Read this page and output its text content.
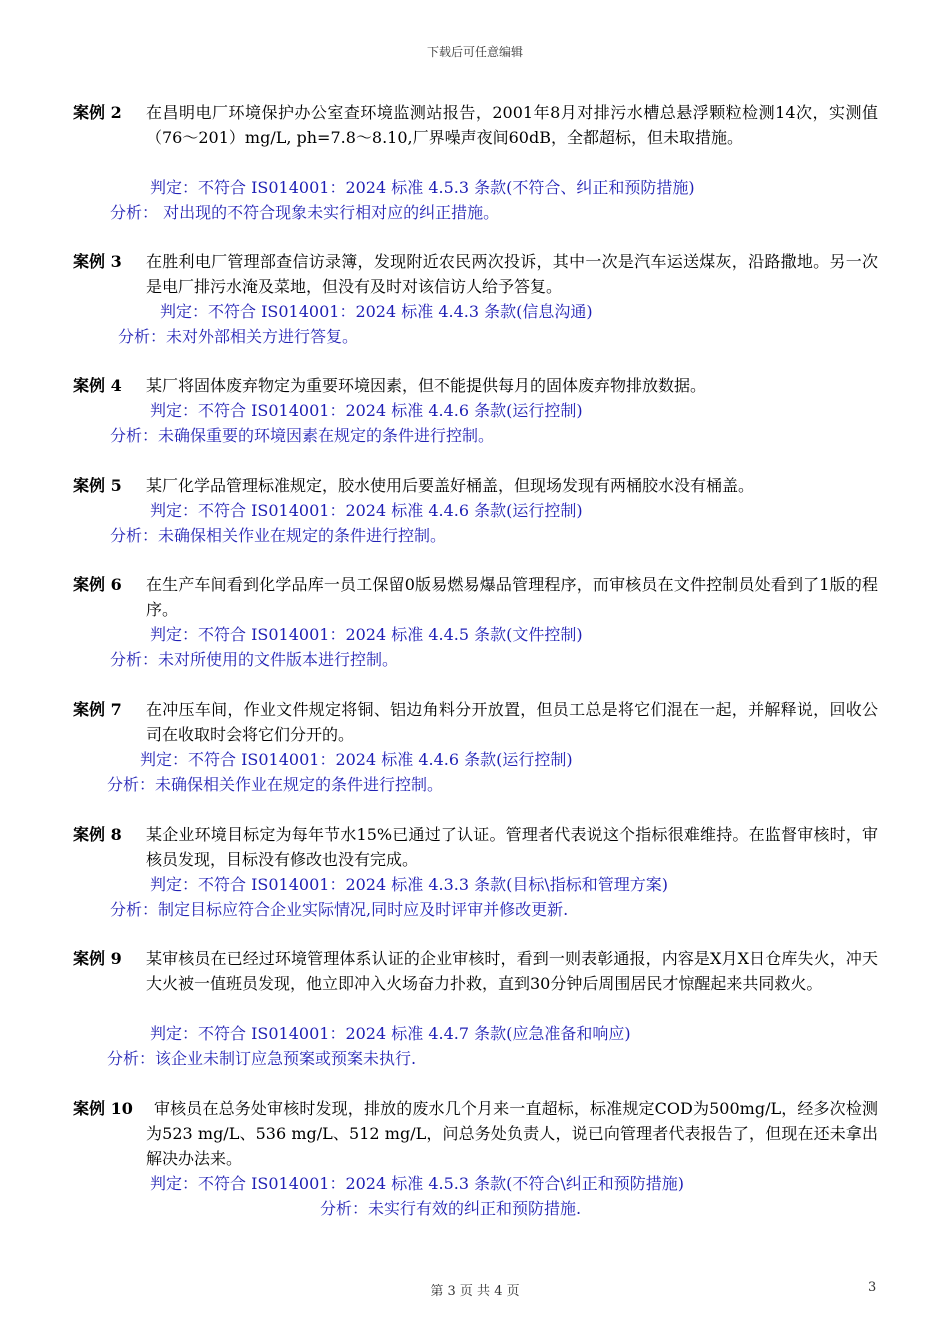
下载后可任意编辑
案例 2 在昌明电厂环境保护办公室查环境监测站报告，2001年8月对排污水槽总悬浮颗粒检测14次，实测值（76～201）mg/L, ph=7.8～8.10,厂界噪声夜间60dB，全都超标，但未取措施。
判定：不符合 IS014001：2024 标准 4.5.3 条款(不符合、纠正和预防措施)
分析： 对出现的不符合现象未实行相对应的纠正措施。
案例 3 在胜利电厂管理部查信访录簿，发现附近农民两次投诉，其中一次是汽车运送煤灰，沿路撒地。另一次是电厂排污水淹及菜地，但没有及时对该信访人给予答复。
判定：不符合 IS014001：2024 标准 4.4.3 条款(信息沟通)
分析：未对外部相关方进行答复。
案例 4 某厂将固体废弃物定为重要环境因素，但不能提供每月的固体废弃物排放数据。
判定：不符合 IS014001：2024 标准 4.4.6 条款(运行控制)
分析：未确保重要的环境因素在规定的条件进行控制。
案例 5 某厂化学品管理标准规定，胶水使用后要盖好桶盖，但现场发现有两桶胶水没有桶盖。
判定：不符合 IS014001：2024 标准 4.4.6 条款(运行控制)
分析：未确保相关作业在规定的条件进行控制。
案例 6 在生产车间看到化学品库一员工保留0版易燃易爆品管理程序，而审核员在文件控制员处看到了1版的程序。
判定：不符合 IS014001：2024 标准 4.4.5 条款(文件控制)
分析：未对所使用的文件版本进行控制。
案例 7 在冲压车间，作业文件规定将铜、铝边角料分开放置，但员工总是将它们混在一起，并解释说，回收公司在收取时会将它们分开的。
判定：不符合 IS014001：2024 标准 4.4.6 条款(运行控制)
分析：未确保相关作业在规定的条件进行控制。
案例 8 某企业环境目标定为每年节水15%已通过了认证。管理者代表说这个指标很难维持。在监督审核时，审核员发现，目标没有修改也没有完成。
判定：不符合 IS014001：2024 标准 4.3.3 条款(目标\指标和管理方案)
分析：制定目标应符合企业实际情况,同时应及时评审并修改更新.
案例 9 某审核员在已经过环境管理体系认证的企业审核时，看到一则表彰通报，内容是X月X日仓库失火，冲天大火被一值班员发现，他立即冲入火场奋力扑救，直到30分钟后周围居民才惊醒起来共同救火。
判定：不符合 IS014001：2024 标准 4.4.7 条款(应急准备和响应)
分析：该企业未制订应急预案或预案未执行.
案例 10	审核员在总务处审核时发现，排放的废水几个月来一直超标，标准规定COD为500mg/L，经多次检测为523 mg/L、536 mg/L、512 mg/L，问总务处负责人，说已向管理者代表报告了，但现在还未拿出解决办法来。
判定：不符合 IS014001：2024 标准 4.5.3 条款(不符合\纠正和预防措施)
分析：未实行有效的纠正和预防措施.
第 3 页 共 4 页	3
